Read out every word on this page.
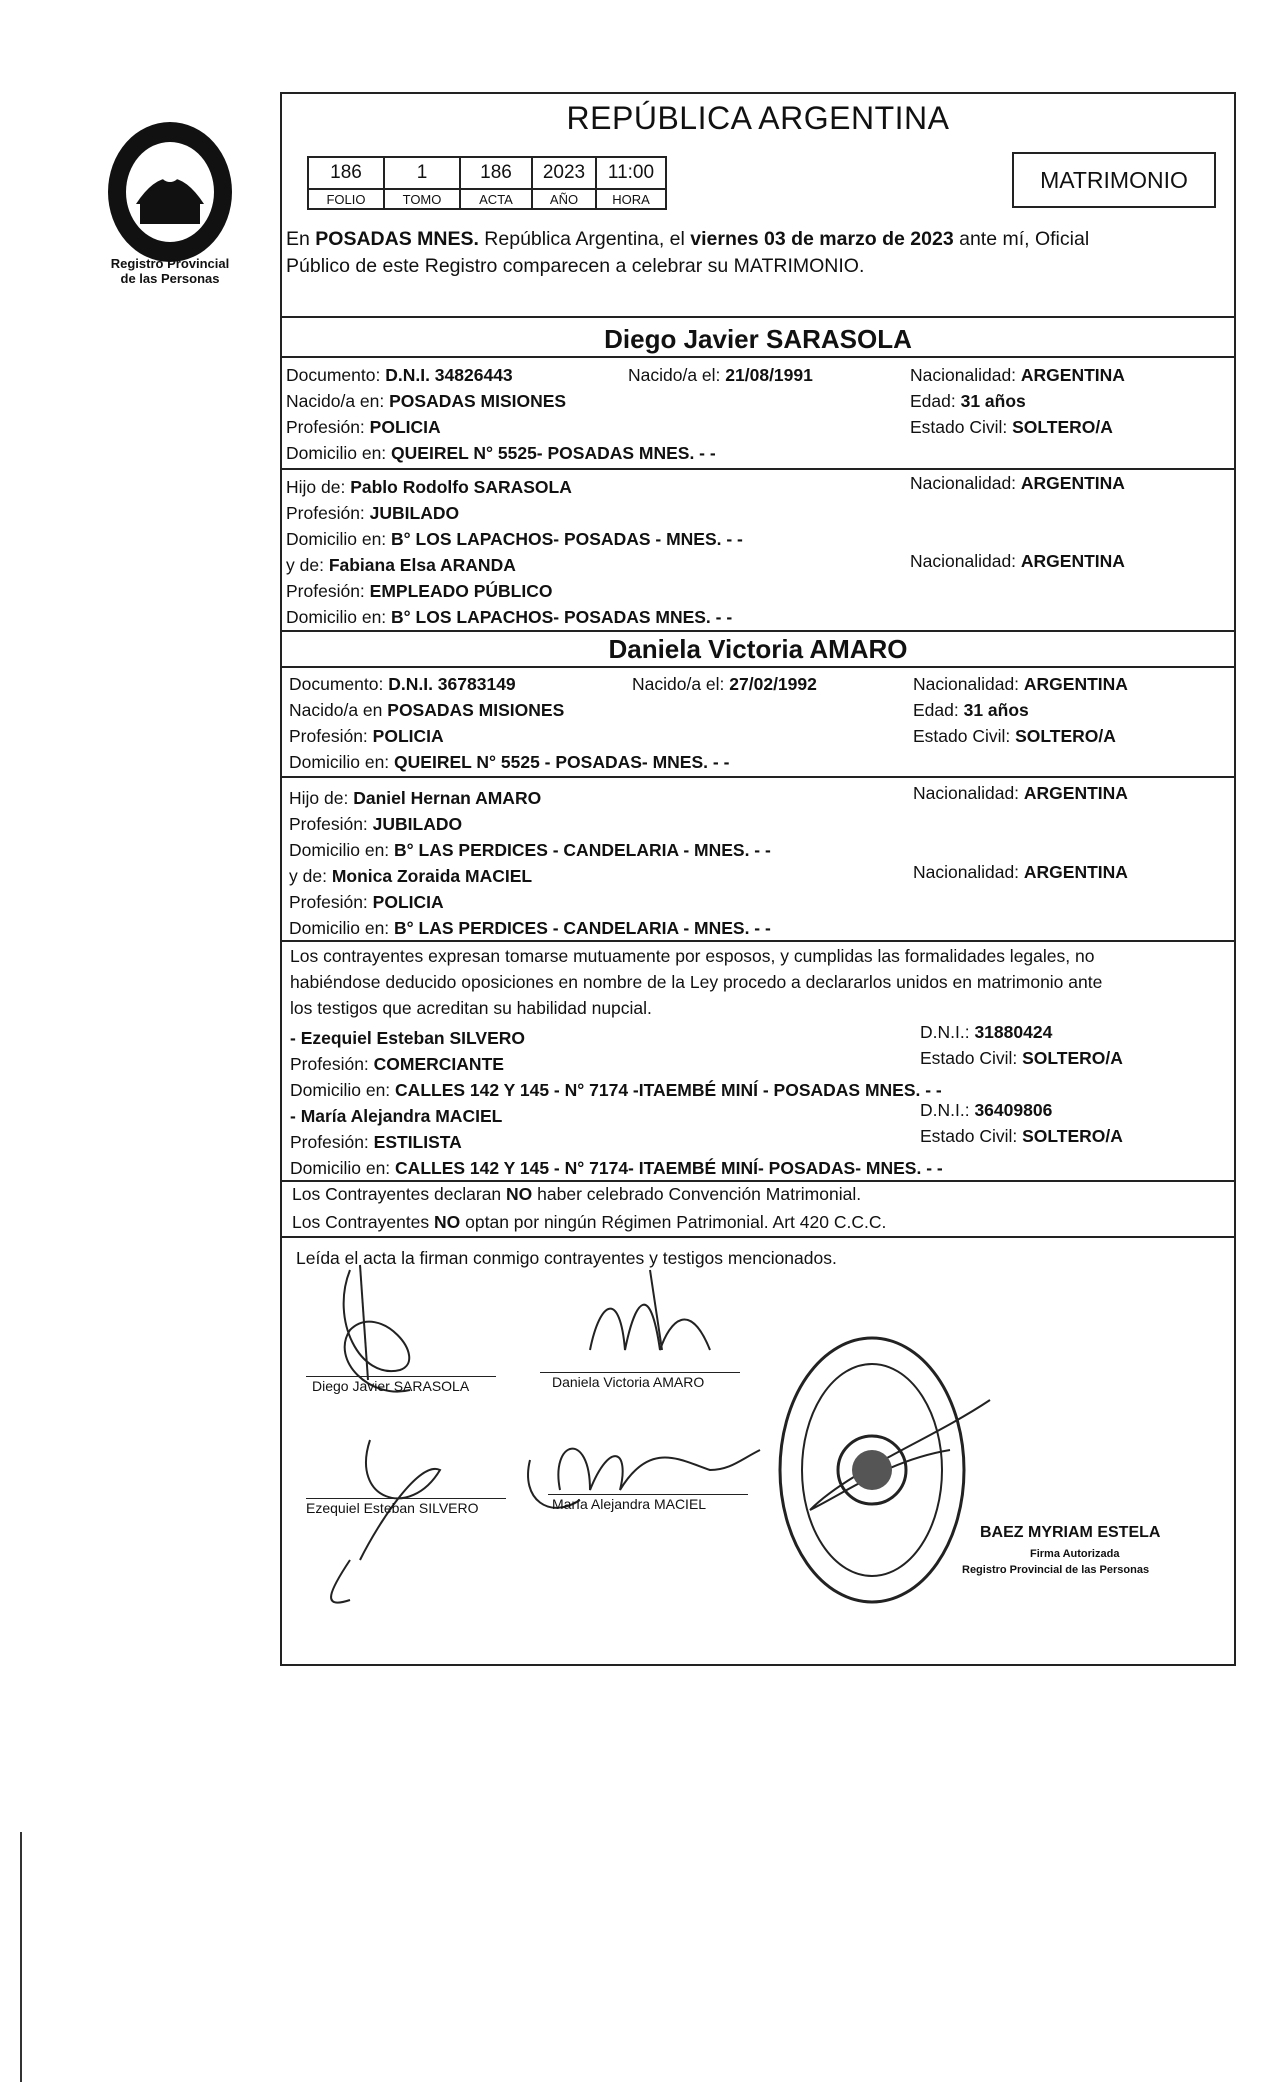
Registro Provincial
de las Personas
REPÚBLICA ARGENTINA
186	1	186	2023	11:00
FOLIO	TOMO	ACTA	AÑO	HORA
MATRIMONIO
En POSADAS MNES. República Argentina, el viernes 03 de marzo de 2023 ante mí, Oficial
Público de este Registro comparecen a celebrar su MATRIMONIO.
Diego Javier SARASOLA
Documento: D.N.I. 34826443	Nacido/a el: 21/08/1991	Nacionalidad: ARGENTINA
Nacido/a en: POSADAS MISIONES	Edad: 31 años
Profesión: POLICIA	Estado Civil: SOLTERO/A
Domicilio en: QUEIREL N° 5525- POSADAS MNES. - -
Hijo de: Pablo Rodolfo SARASOLA	Nacionalidad: ARGENTINA
Profesión: JUBILADO
Domicilio en: B° LOS LAPACHOS- POSADAS - MNES. - -
y de: Fabiana Elsa ARANDA	Nacionalidad: ARGENTINA
Profesión: EMPLEADO PÚBLICO
Domicilio en: B° LOS LAPACHOS- POSADAS MNES. - -
Daniela Victoria AMARO
Documento: D.N.I. 36783149	Nacido/a el: 27/02/1992	Nacionalidad: ARGENTINA
Nacido/a en POSADAS MISIONES	Edad: 31 años
Profesión: POLICIA	Estado Civil: SOLTERO/A
Domicilio en: QUEIREL N° 5525 - POSADAS- MNES. - -
Hijo de: Daniel Hernan AMARO	Nacionalidad: ARGENTINA
Profesión: JUBILADO
Domicilio en: B° LAS PERDICES - CANDELARIA - MNES. - -
y de: Monica Zoraida MACIEL	Nacionalidad: ARGENTINA
Profesión: POLICIA
Domicilio en: B° LAS PERDICES - CANDELARIA - MNES. - -
Los contrayentes expresan tomarse mutuamente por esposos, y cumplidas las formalidades legales, no
habiéndose deducido oposiciones en nombre de la Ley procedo a declararlos unidos en matrimonio ante
los testigos que acreditan su habilidad nupcial.
- Ezequiel Esteban SILVERO	D.N.I.: 31880424
Profesión: COMERCIANTE	Estado Civil: SOLTERO/A
Domicilio en: CALLES 142 Y 145 - N° 7174 -ITAEMBÉ MINÍ - POSADAS MNES. - -
- María Alejandra MACIEL	D.N.I.: 36409806
Profesión: ESTILISTA	Estado Civil: SOLTERO/A
Domicilio en: CALLES 142 Y 145 - N° 7174- ITAEMBÉ MINÍ- POSADAS- MNES. - -
Los Contrayentes declaran NO haber celebrado Convención Matrimonial.
Los Contrayentes NO optan por ningún Régimen Patrimonial. Art 420 C.C.C.
Leída el acta la firman conmigo contrayentes y testigos mencionados.
Diego Javier SARASOLA	Daniela Victoria AMARO
Ezequiel Esteban SILVERO	María Alejandra MACIEL
BAEZ MYRIAM ESTELA
Firma Autorizada
Registro Provincial de las Personas
